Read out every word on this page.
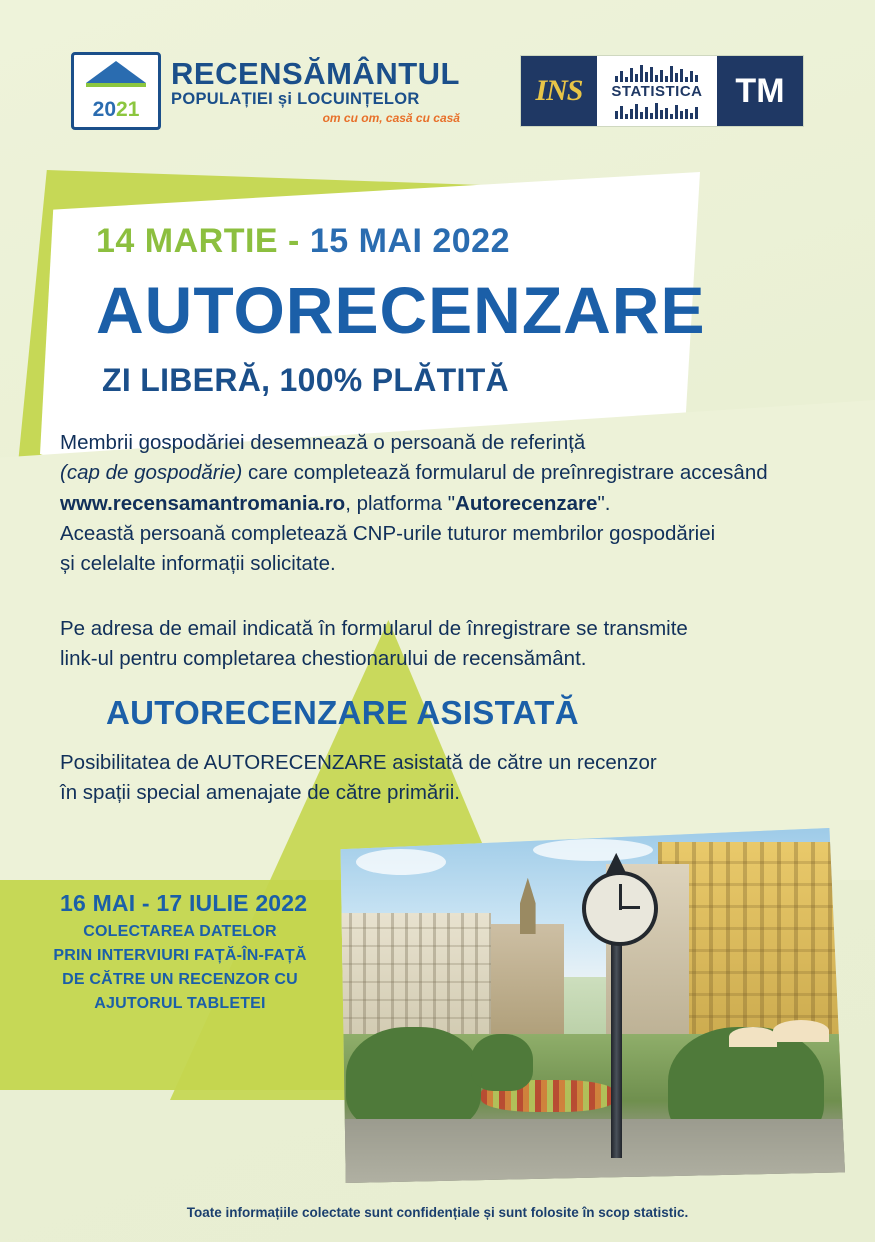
2021
RECENSĂMÂNTUL
POPULAȚIEI și LOCUINȚELOR
om cu om, casă cu casă
INS	STATISTICA TM
14 MARTIE - 15 MAI 2022
AUTORECENZARE
ZI LIBERĂ, 100% PLĂTITĂ
Membrii gospodăriei desemnează o persoană de referință
(cap de gospodărie) care completează formularul de preînregistrare accesând
www.recensamantromania.ro, platforma "Autorecenzare".
Această persoană completează CNP-urile tuturor membrilor gospodăriei
și celelalte informații solicitate.
Pe adresa de email indicată în formularul de înregistrare se transmite
link-ul pentru completarea chestionarului de recensământ.
AUTORECENZARE ASISTATĂ
Posibilitatea de AUTORECENZARE asistată de către un recenzor
în spații special amenajate de către primării.
16 MAI - 17 IULIE 2022
COLECTAREA DATELOR
PRIN INTERVIURI FAȚĂ-ÎN-FAȚĂ
DE CĂTRE UN RECENZOR CU
AJUTORUL TABLETEI
Toate informațiile colectate sunt confidențiale și sunt folosite în scop statistic.
